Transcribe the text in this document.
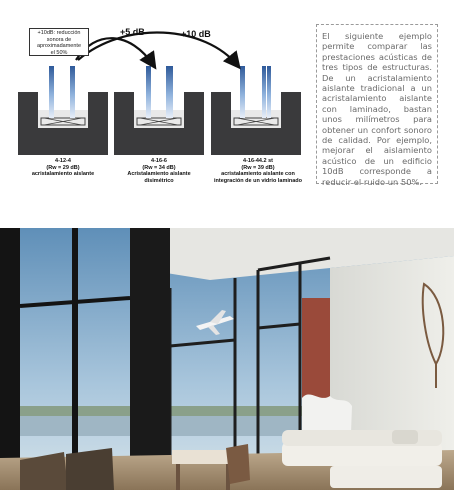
+10dB: reducción
sonora de
aproximadamente
el 50%
+5 dB	+10 dB
4-12-4
(Rw = 29 dB)
acristalamiento aislante
4-16-6
(Rw = 34 dB)
Acristalamiento aislante
disimétrico
4-16-44.2 st
(Rw = 39 dB)
acristalamiento aislante con
integración de un vidrio laminado
El siguiente ejemplo permite comparar las prestaciones acústicas de tres tipos de estructuras. De un acristalamiento aislante tradicional a un acristalamiento aislante con laminado, bastan unos milímetros para obtener un confort sonoro de calidad. Por ejemplo, mejorar el aislamiento acústico de un edificio 10dB corresponde a reducir el ruido un 50%.
